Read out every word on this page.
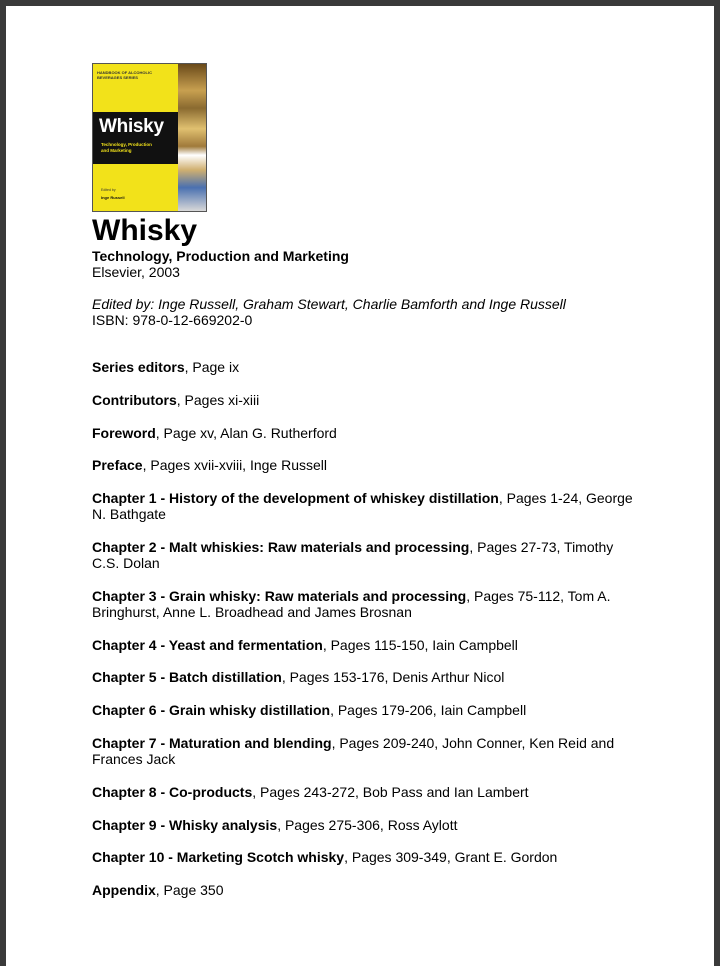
HANDBOOK OF ALCOHOLIC BEVERAGES SERIES
Whisky
Technology, Production and Marketing
Edited by
Inge Russell
Whisky
Technology, Production and Marketing
Elsevier, 2003
Edited by: Inge Russell, Graham Stewart, Charlie Bamforth and Inge Russell
ISBN: 978-0-12-669202-0
Series editors, Page ix
Contributors, Pages xi-xiii
Foreword, Page xv, Alan G. Rutherford
Preface, Pages xvii-xviii, Inge Russell
Chapter 1 - History of the development of whiskey distillation, Pages 1-24, George N. Bathgate
Chapter 2 - Malt whiskies: Raw materials and processing, Pages 27-73, Timothy C.S. Dolan
Chapter 3 - Grain whisky: Raw materials and processing, Pages 75-112, Tom A. Bringhurst, Anne L. Broadhead and James Brosnan
Chapter 4 - Yeast and fermentation, Pages 115-150, Iain Campbell
Chapter 5 - Batch distillation, Pages 153-176, Denis Arthur Nicol
Chapter 6 - Grain whisky distillation, Pages 179-206, Iain Campbell
Chapter 7 - Maturation and blending, Pages 209-240, John Conner, Ken Reid and Frances Jack
Chapter 8 - Co-products, Pages 243-272, Bob Pass and Ian Lambert
Chapter 9 - Whisky analysis, Pages 275-306, Ross Aylott
Chapter 10 - Marketing Scotch whisky, Pages 309-349, Grant E. Gordon
Appendix, Page 350
